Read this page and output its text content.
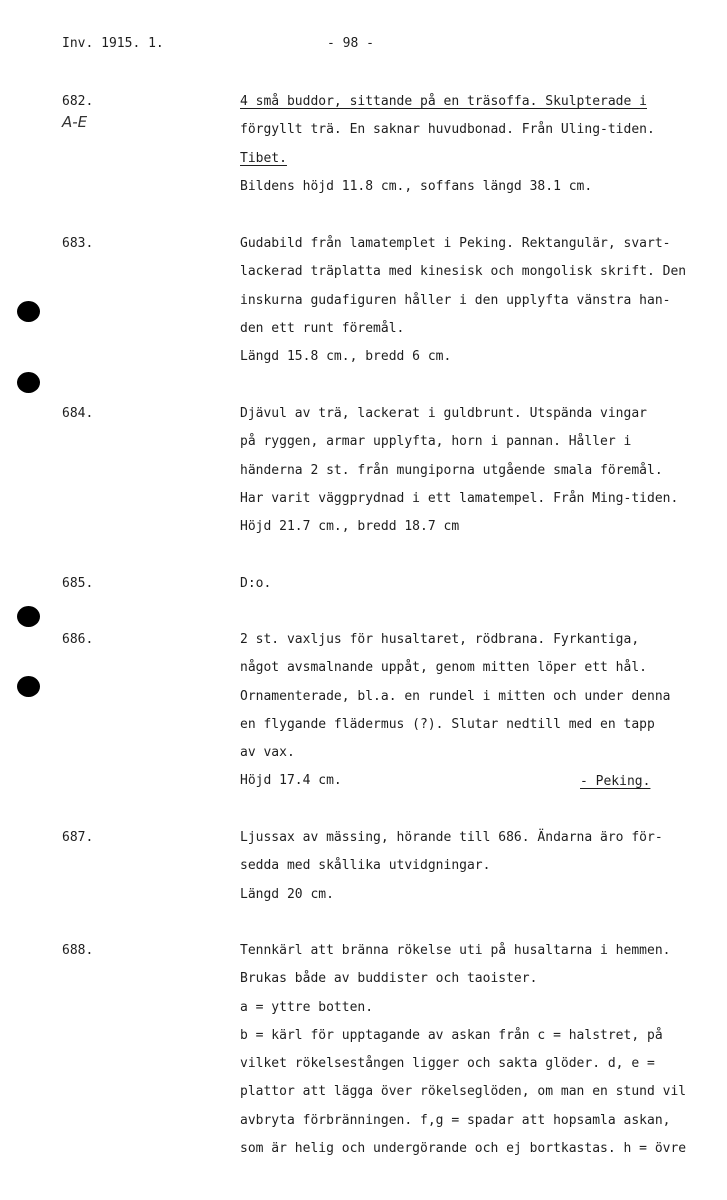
Inv. 1915. 1.	- 98 -
682.
A-E
4 små buddor, sittande på en träsoffa. Skulpterade i
förgyllt trä. En saknar huvudbonad. Från Uling-tiden.
Tibet.
Bildens höjd 11.8 cm., soffans längd 38.1 cm.
683.	Gudabild från lamatemplet i Peking. Rektangulär, svart-
lackerad träplatta med kinesisk och mongolisk skrift. Den
inskurna gudafiguren håller i den upplyfta vänstra han-
den ett runt föremål.
Längd 15.8 cm., bredd 6 cm.
684.	Djävul av trä, lackerat i guldbrunt. Utspända vingar
på ryggen, armar upplyfta, horn i pannan. Håller i
händerna 2 st. från mungiporna utgående smala föremål.
Har varit väggprydnad i ett lamatempel. Från Ming-tiden.
Höjd 21.7 cm., bredd 18.7 cm
685.	D:o.
686.	2 st. vaxljus för husaltaret, rödbrana. Fyrkantiga,
något avsmalnande uppåt, genom mitten löper ett hål.
Ornamenterade, bl.a. en rundel i mitten och under denna
en flygande flädermus (?). Slutar nedtill med en tapp
av vax.
Höjd 17.4 cm.	- Peking.
687.	Ljussax av mässing, hörande till 686. Ändarna äro för-
sedda med skållika utvidgningar.
Längd 20 cm.
688.	Tennkärl att bränna rökelse uti på husaltarna i hemmen.
Brukas både av buddister och taoister.
a = yttre botten.
b = kärl för upptagande av askan från c = halstret, på
vilket rökelsestången ligger och sakta glöder. d, e =
plattor att lägga över rökelseglöden, om man en stund vil
avbryta förbränningen. f,g = spadar att hopsamla askan,
som är helig och undergörande och ej bortkastas. h = övre
